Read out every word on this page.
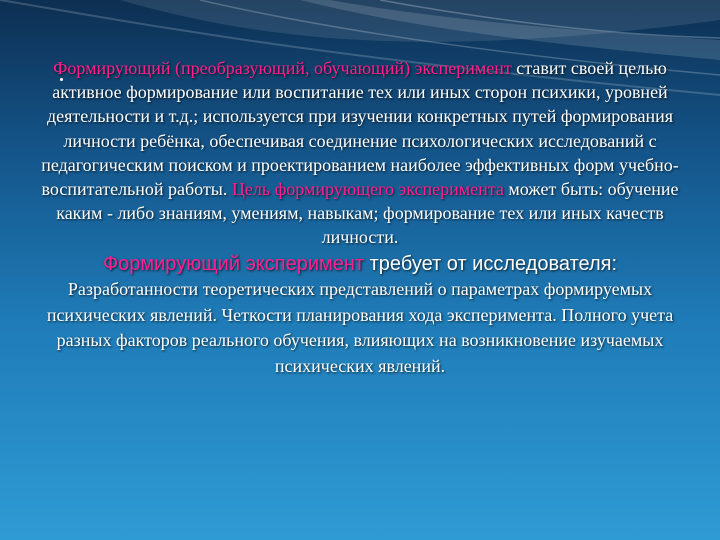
Формирующий (преобразующий, обучающий) эксперимент ставит своей целью активное формирование или воспитание тех или иных сторон психики, уровней деятельности и т.д.; используется при изучении конкретных путей формирования личности ребёнка, обеспечивая соединение психологических исследований с педагогическим поиском и проектированием наиболее эффективных форм учебно-воспитательной работы. Цель формирующего эксперимента может быть: обучение каким - либо знаниям, умениям, навыкам; формирование тех или иных качеств личности.

Формирующий эксперимент требует от исследователя: Разработанности теоретических представлений о параметрах формируемых психических явлений. Четкости планирования хода эксперимента. Полного учета разных факторов реального обучения, влияющих на возникновение изучаемых психических явлений.
